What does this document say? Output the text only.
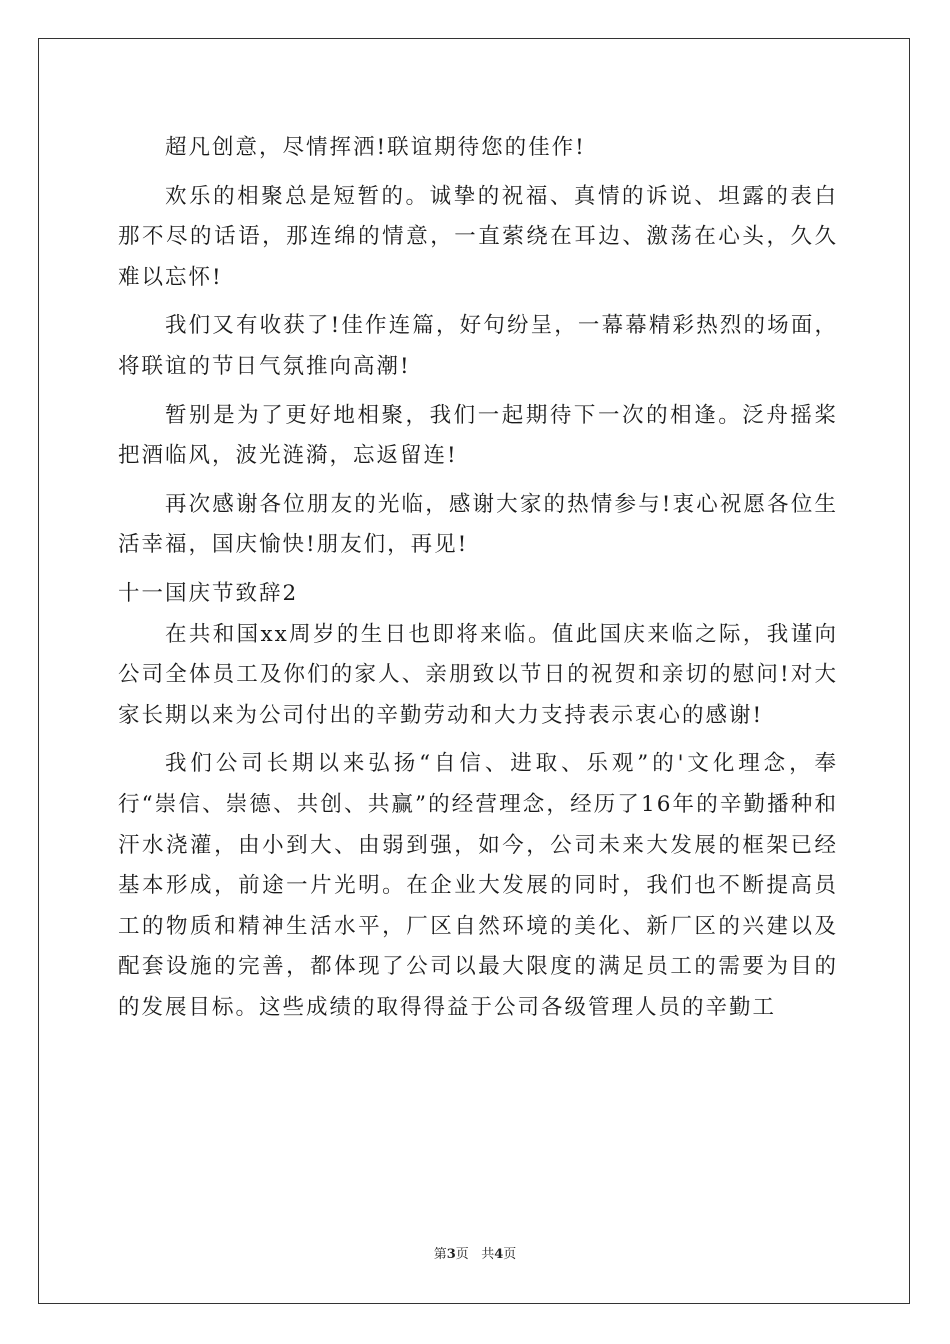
超凡创意，尽情挥洒!联谊期待您的佳作!

欢乐的相聚总是短暂的。诚挚的祝福、真情的诉说、坦露的表白那不尽的话语，那连绵的情意，一直萦绕在耳边、激荡在心头，久久难以忘怀!

我们又有收获了!佳作连篇，好句纷呈，一幕幕精彩热烈的场面，将联谊的节日气氛推向高潮!

暂别是为了更好地相聚，我们一起期待下一次的相逢。泛舟摇桨把酒临风，波光涟漪，忘返留连!

再次感谢各位朋友的光临，感谢大家的热情参与!衷心祝愿各位生活幸福，国庆愉快!朋友们，再见!

十一国庆节致辞2

在共和国xx周岁的生日也即将来临。值此国庆来临之际，我谨向公司全体员工及你们的家人、亲朋致以节日的祝贺和亲切的慰问!对大家长期以来为公司付出的辛勤劳动和大力支持表示衷心的感谢!

我们公司长期以来弘扬“自信、进取、乐观”的'文化理念，奉行“崇信、崇德、共创、共赢”的经营理念，经历了16年的辛勤播种和汗水浇灌，由小到大、由弱到强，如今，公司未来大发展的框架已经基本形成，前途一片光明。在企业大发展的同时，我们也不断提高员工的物质和精神生活水平，厂区自然环境的美化、新厂区的兴建以及配套设施的完善，都体现了公司以最大限度的满足员工的需要为目的的发展目标。这些成绩的取得得益于公司各级管理人员的辛勤工

第3页 共4页
